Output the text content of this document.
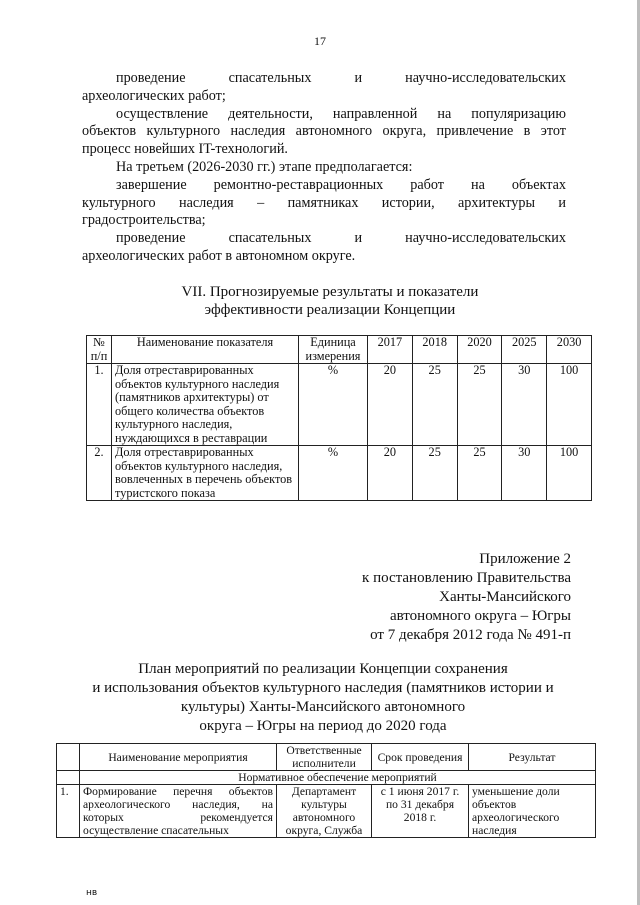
17

проведение спасательных и научно-исследовательских

археологических работ;

осуществление деятельности, направленной на популяризацию

объектов культурного наследия автономного округа, привлечение в этот

процесс новейших IT-технологий.

На третьем (2026-2030 гг.) этапе предполагается:

завершение ремонтно-реставрационных работ на объектах

культурного наследия – памятниках истории, архитектуры и

градостроительства;

проведение спасательных и научно-исследовательских

археологических работ в автономном округе.

VII. Прогнозируемые результаты и показатели
эффективности реализации Концепции
№ п/п	Наименование показателя	Единица измерения	2017	2018	2020	2025	2030
1.	Доля отреставрированных объектов культурного наследия (памятников архитектуры) от общего количества объектов культурного наследия, нуждающихся в реставрации	%	20	25	25	30	100
2.	Доля отреставрированных объектов культурного наследия, вовлеченных в перечень объектов туристского показа	%	20	25	25	30	100
Приложение 2
к постановлению Правительства
Ханты-Мансийского
автономного округа – Югры
от 7 декабря 2012 года № 491-п
План мероприятий по реализации Концепции сохранения
и использования объектов культурного наследия (памятников истории и
культуры) Ханты-Мансийского автономного
округа – Югры на период до 2020 года
	Наименование мероприятия	Ответственные исполнители	Срок проведения	Результат
	Нормативное обеспечение мероприятий			
1.	Формирование перечня объектов археологического наследия, на которых рекомендуется осуществление спасательных	Департамент культуры автономного округа, Служба	с 1 июня 2017 г. по 31 декабря 2018 г.	уменьшение доли объектов археологического наследия
нв
